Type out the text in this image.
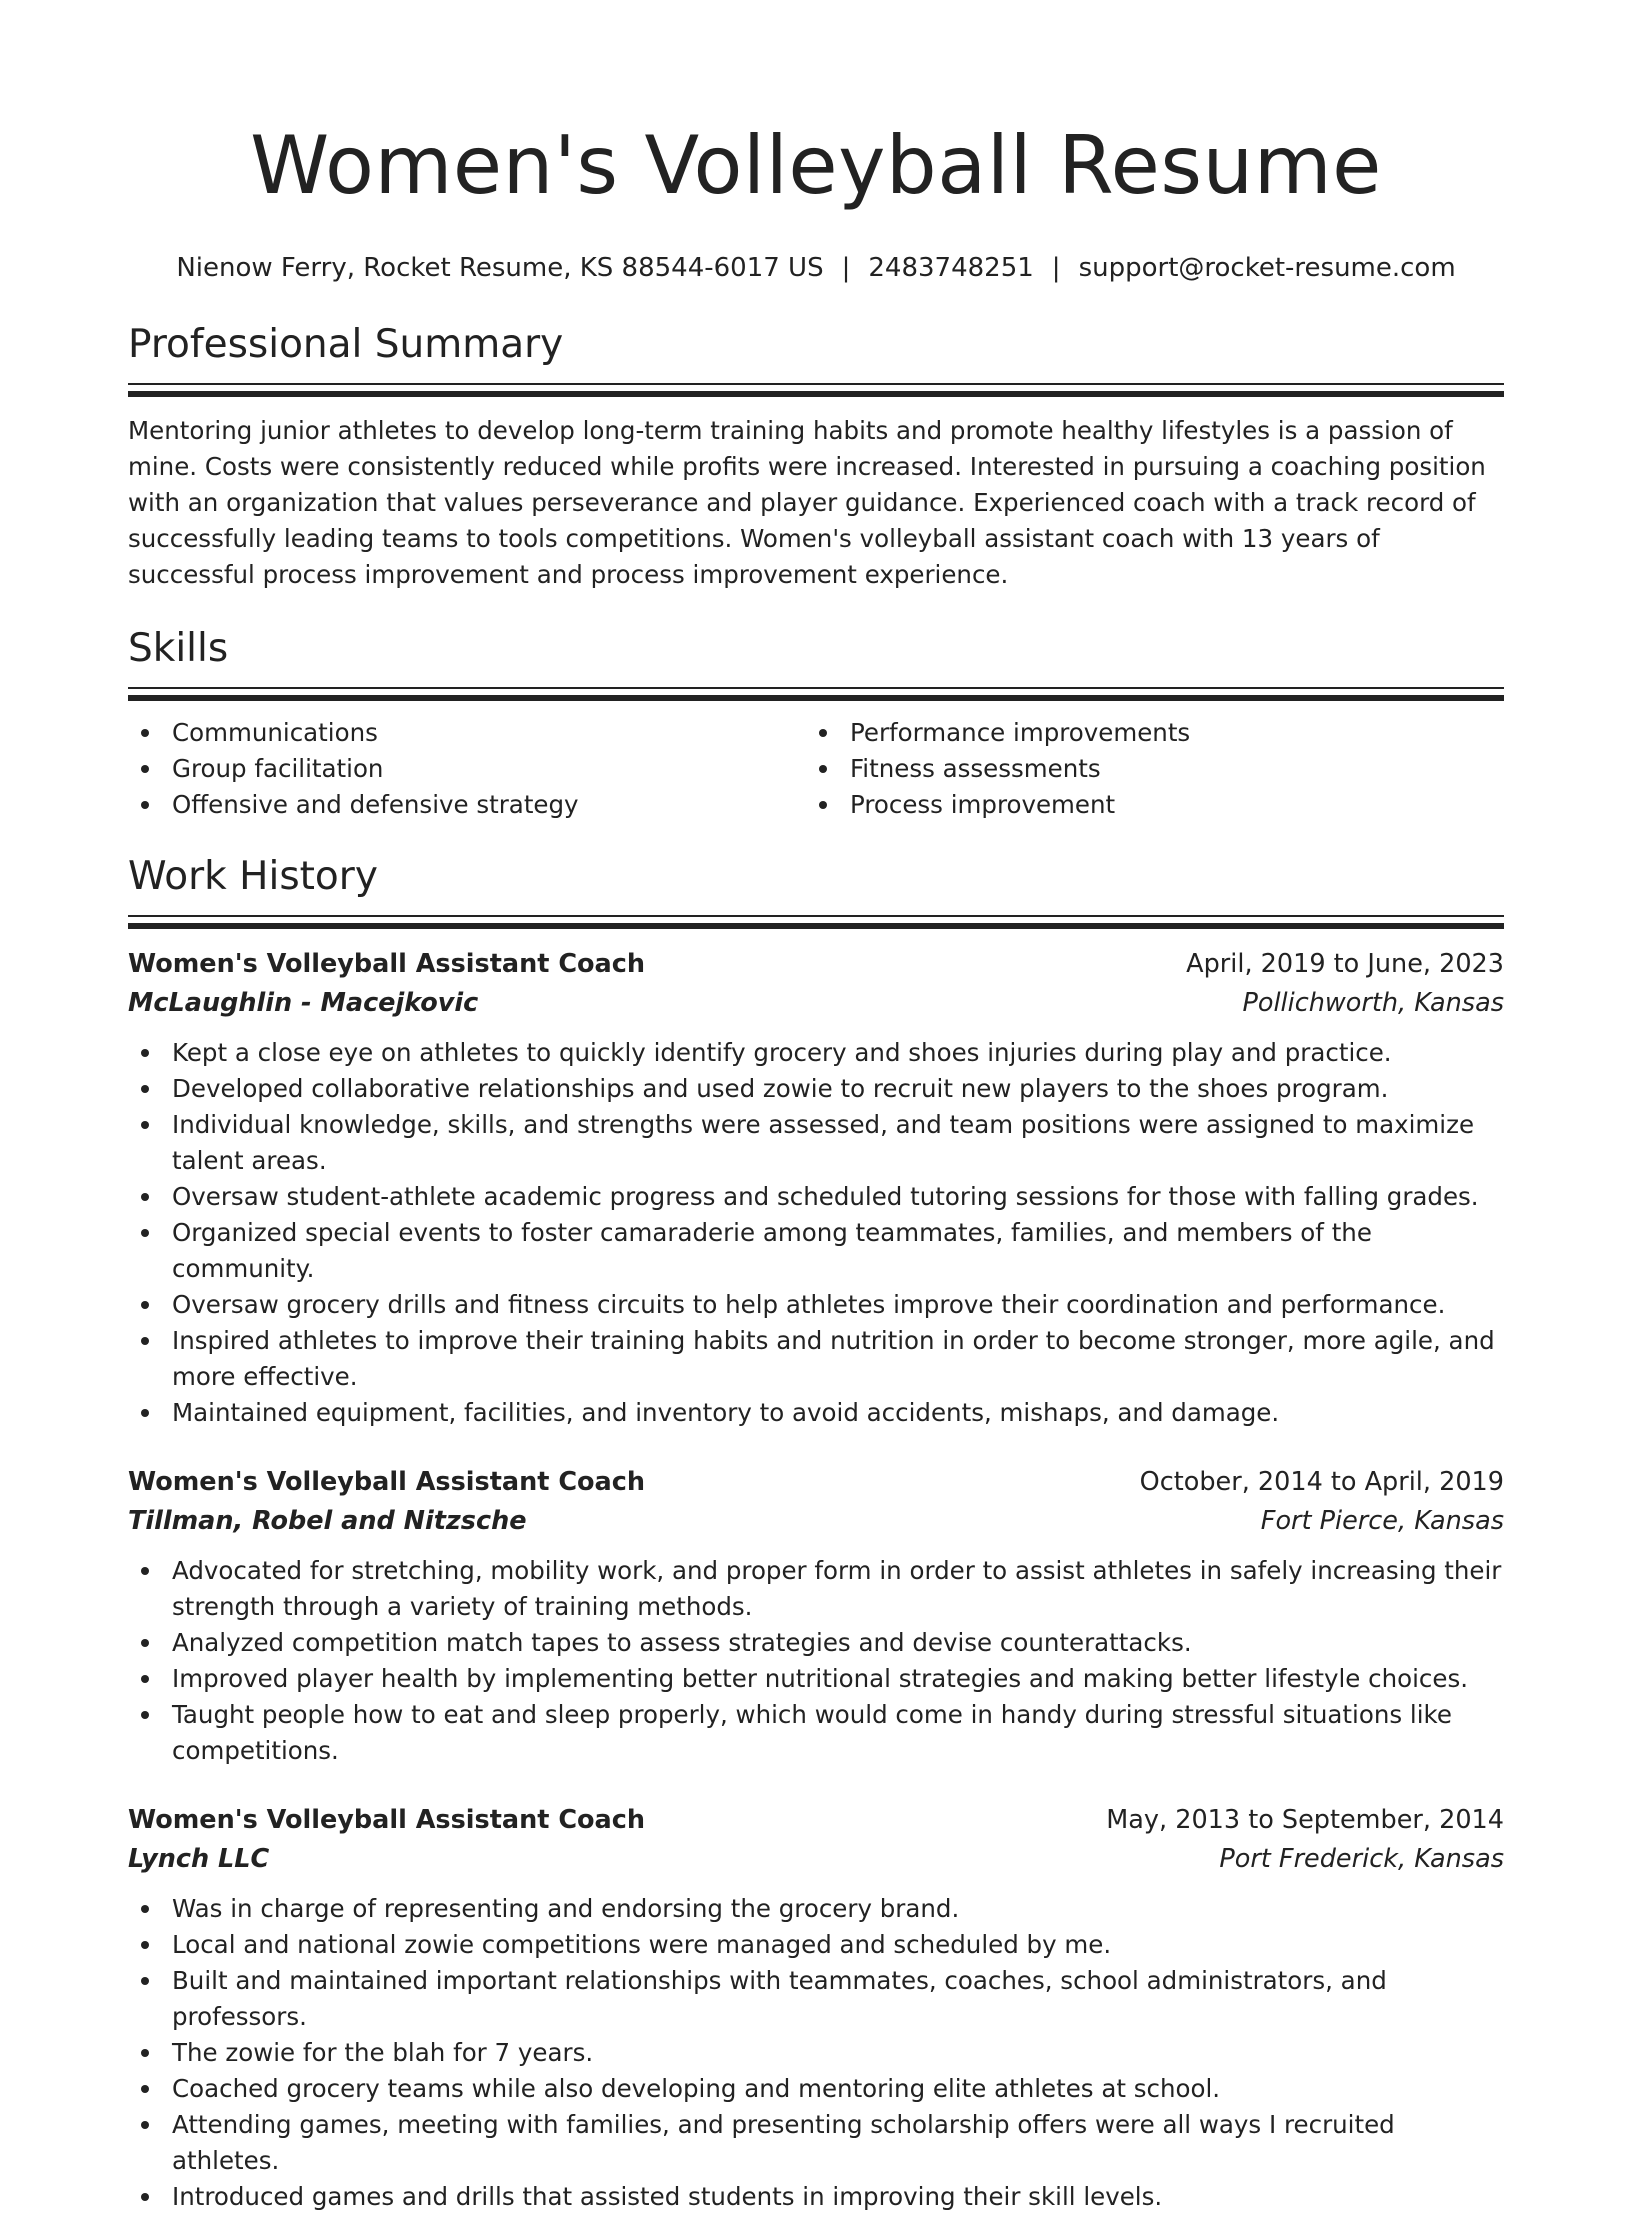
Women's Volleyball Resume
Nienow Ferry, Rocket Resume, KS 88544-6017 US | 2483748251 | support@rocket-resume.com
Professional Summary

Mentoring junior athletes to develop long-term training habits and promote healthy lifestyles is a passion of mine. Costs were consistently reduced while profits were increased. Interested in pursuing a coaching position with an organization that values perseverance and player guidance. Experienced coach with a track record of successfully leading teams to tools competitions. Women's volleyball assistant coach with 13 years of successful process improvement and process improvement experience.

Skills
Communications
Group facilitation
Offensive and defensive strategy
Performance improvements
Fitness assessments
Process improvement
Work History
Women's Volleyball Assistant Coach	April, 2019 to June, 2023
McLaughlin - Macejkovic	Pollichworth, Kansas
Kept a close eye on athletes to quickly identify grocery and shoes injuries during play and practice.
Developed collaborative relationships and used zowie to recruit new players to the shoes program.
Individual knowledge, skills, and strengths were assessed, and team positions were assigned to maximize talent areas.
Oversaw student-athlete academic progress and scheduled tutoring sessions for those with falling grades.
Organized special events to foster camaraderie among teammates, families, and members of the community.
Oversaw grocery drills and fitness circuits to help athletes improve their coordination and performance.
Inspired athletes to improve their training habits and nutrition in order to become stronger, more agile, and more effective.
Maintained equipment, facilities, and inventory to avoid accidents, mishaps, and damage.
Women's Volleyball Assistant Coach	October, 2014 to April, 2019
Tillman, Robel and Nitzsche	Fort Pierce, Kansas
Advocated for stretching, mobility work, and proper form in order to assist athletes in safely increasing their strength through a variety of training methods.
Analyzed competition match tapes to assess strategies and devise counterattacks.
Improved player health by implementing better nutritional strategies and making better lifestyle choices.
Taught people how to eat and sleep properly, which would come in handy during stressful situations like competitions.
Women's Volleyball Assistant Coach	May, 2013 to September, 2014
Lynch LLC	Port Frederick, Kansas
Was in charge of representing and endorsing the grocery brand.
Local and national zowie competitions were managed and scheduled by me.
Built and maintained important relationships with teammates, coaches, school administrators, and professors.
The zowie for the blah for 7 years.
Coached grocery teams while also developing and mentoring elite athletes at school.
Attending games, meeting with families, and presenting scholarship offers were all ways I recruited athletes.
Introduced games and drills that assisted students in improving their skill levels.
